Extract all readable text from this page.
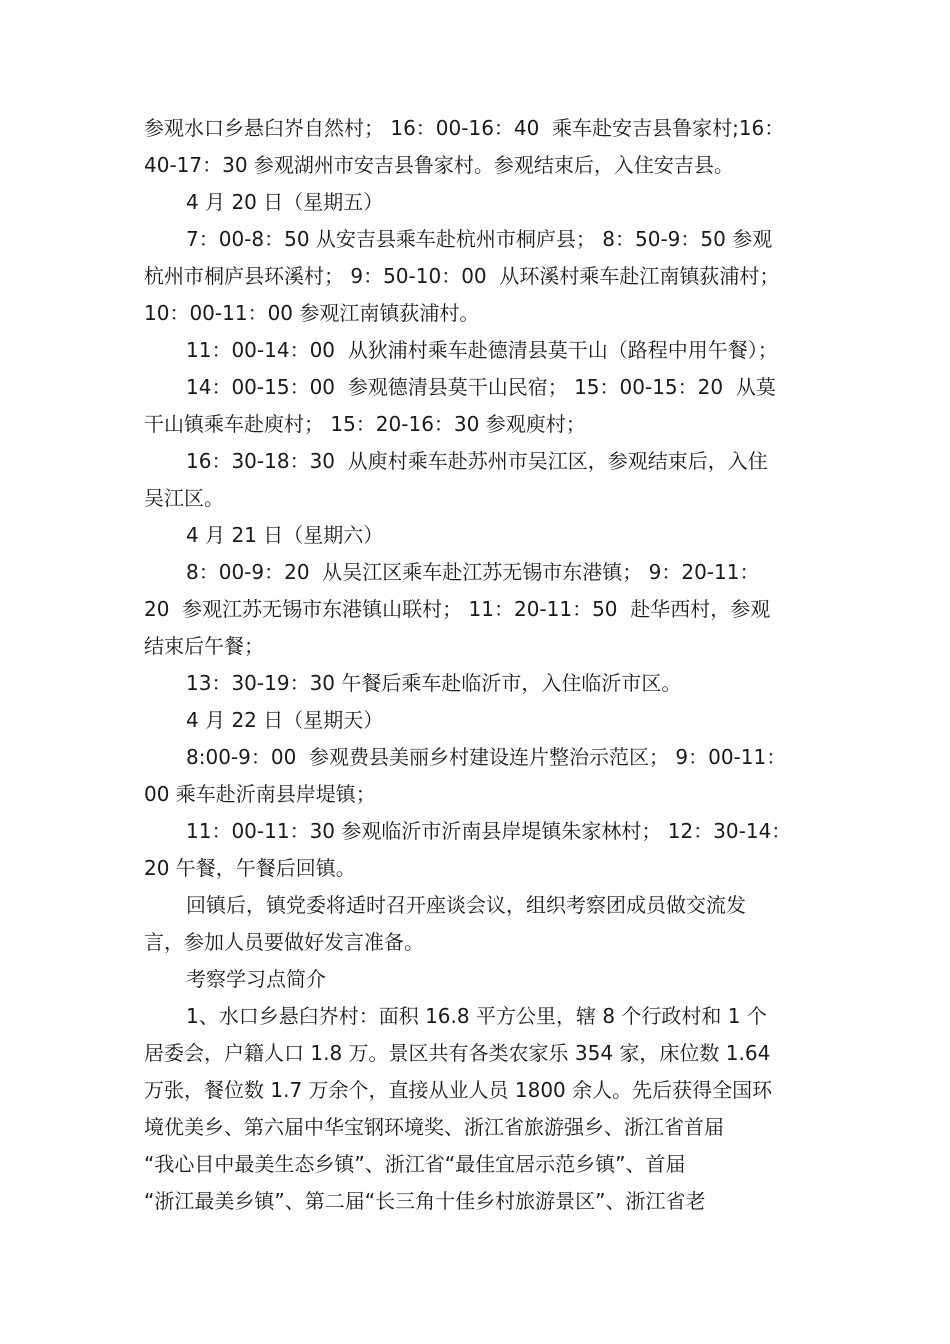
参观水口乡悬臼岕自然村； 16：00-16：40  乘车赴安吉县鲁家村;16：
40-17：30 参观湖州市安吉县鲁家村。参观结束后，入住安吉县。
4 月 20 日（星期五）
7：00-8：50 从安吉县乘车赴杭州市桐庐县； 8：50-9：50 参观
杭州市桐庐县环溪村； 9：50-10：00  从环溪村乘车赴江南镇荻浦村；
10：00-11：00 参观江南镇荻浦村。
11：00-14：00  从狄浦村乘车赴德清县莫干山（路程中用午餐）；
14：00-15：00  参观德清县莫干山民宿； 15：00-15：20  从莫
干山镇乘车赴庾村； 15：20-16：30 参观庾村；
16：30-18：30  从庾村乘车赴苏州市吴江区，参观结束后，入住
吴江区。
4 月 21 日（星期六）
8：00-9：20  从吴江区乘车赴江苏无锡市东港镇； 9：20-11：
20  参观江苏无锡市东港镇山联村； 11：20-11：50  赴华西村，参观
结束后午餐；
13：30-19：30 午餐后乘车赴临沂市，入住临沂市区。
4 月 22 日（星期天）
8:00-9：00  参观费县美丽乡村建设连片整治示范区； 9：00-11：
00 乘车赴沂南县岸堤镇；
11：00-11：30 参观临沂市沂南县岸堤镇朱家林村； 12：30-14：
20 午餐，午餐后回镇。
回镇后，镇党委将适时召开座谈会议，组织考察团成员做交流发
言，参加人员要做好发言准备。
考察学习点简介
1、水口乡悬臼岕村：面积 16.8 平方公里，辖 8 个行政村和 1 个
居委会，户籍人口 1.8 万。景区共有各类农家乐 354 家，床位数 1.64
万张，餐位数 1.7 万余个，直接从业人员 1800 余人。先后获得全国环
境优美乡、第六届中华宝钢环境奖、浙江省旅游强乡、浙江省首届
“我心目中最美生态乡镇”、浙江省“最佳宜居示范乡镇”、首届
“浙江最美乡镇”、第二届“长三角十佳乡村旅游景区”、浙江省老
